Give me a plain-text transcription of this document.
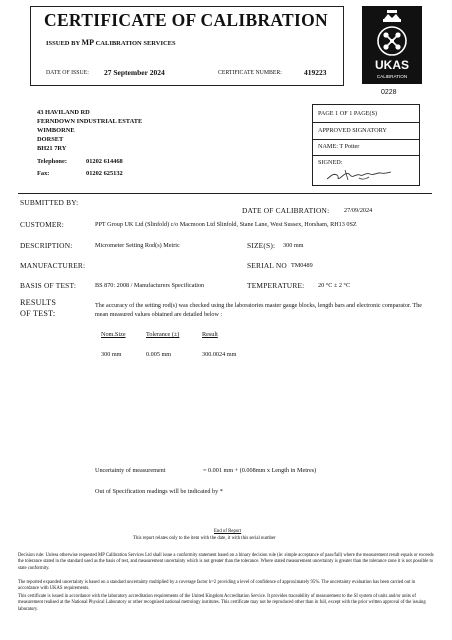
CERTIFICATE OF CALIBRATION
ISSUED BY MP CALIBRATION SERVICES
DATE OF ISSUE: 27 September 2024	CERTIFICATE NUMBER:	419223
UKAS
CALIBRATION
0228
43 HAVILAND RD
FERNDOWN INDUSTRIAL ESTATE
WIMBORNE
DORSET
BH21 7RY
Telephone:	01202 614468
Fax:	01202 625132
PAGE 1 OF 1 PAGE(S)
APPROVED SIGNATORY
NAME: T Potter
SIGNED:
SUBMITTED BY:
DATE OF CALIBRATION: 27/09/2024
CUSTOMER:	PPT Group UK Ltd (Slinfold) c/o Macmoon Ltd Slinfold, Stane Lane, West Sussex, Horsham, RH13 0SZ
DESCRIPTION:	Micrometer Setting Rod(s) Metric	SIZE(S): 300 mm
MANUFACTURER:	SERIAL NO TM0489
BASIS OF TEST:	BS 870: 2008 / Manufacturers Specification	TEMPERATURE: 20 °C ± 2 °C
RESULTS
OF TEST:
The accuracy of the setting rod(s) was checked using the laboratories master gauge blocks, length bars and electronic comparator. The mean measured values obtained are detailed below :
Nom.Size	Tolerance (±)	Result
300 mm	0.005 mm	300.0024 mm
Uncertainty of measurement	= 0.001 mm + (0.008mm x Length in Metres)
Out of Specification readings will be indicated by *
End of Report
This report relates only to the item with the date, it with this serial number
Decision rule: Unless otherwise requested MP Calibration Services Ltd shall issue a conformity statement based on a binary decision rule (ie: simple acceptance of pass/fail) where the measurement result equals or exceeds the tolerance stated in the standard used as the basis of test, and measurement uncertainty which is not greater than the tolerance. Where stated measurement uncertainty is greater than the tolerance zone it is not possible to state conformity.
The reported expanded uncertainty is based on a standard uncertainty multiplied by a coverage factor k=2 providing a level of confidence of approximately 95%. The uncertainty evaluation has been carried out in accordance with UKAS requirements.
This certificate is issued in accordance with the laboratory accreditation requirements of the United Kingdom Accreditation Service. It provides traceability of measurement to the SI system of units and/or units of measurement realised at the National Physical Laboratory or other recognised national metrology institutes. This certificate may not be reproduced other than in full, except with the prior written approval of the issuing laboratory.
